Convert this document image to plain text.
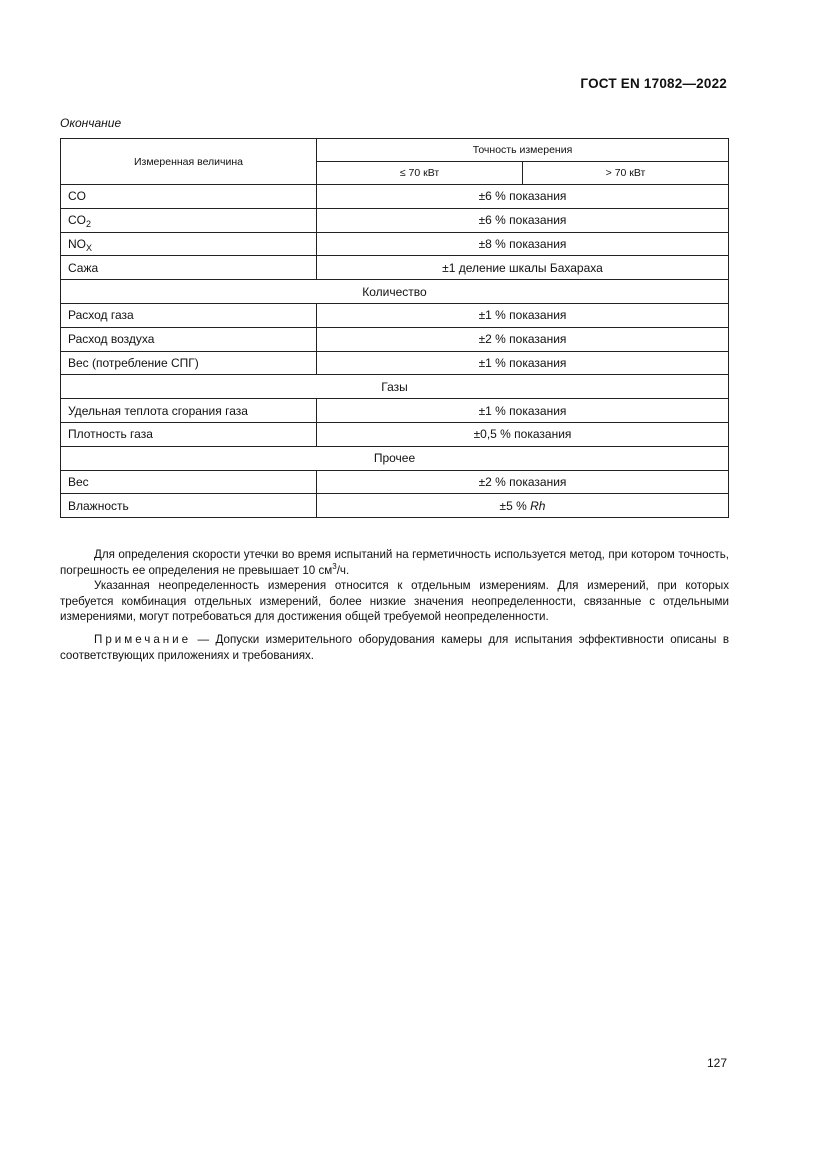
ГОСТ EN 17082—2022
Окончание
Измеренная величина	Точность измерения	
	≤ 70 кВт	> 70 кВт
CO	±6 % показания	
$CO_2$	±6 % показания	
$NO_X$	±8 % показания	
Сажа	±1 деление шкалы Бахараха	
Количество		
Расход газа	±1 % показания	
Расход воздуха	±2 % показания	
Вес (потребление СПГ)	±1 % показания	
Газы		
Удельная теплота сгорания газа	±1 % показания	
Плотность газа	±0,5 % показания	
Прочее		
Вес	±2 % показания	
Влажность	±5 % Rh	
Для определения скорости утечки во время испытаний на герметичность используется метод, при котором точность, погрешность ее определения не превышает 10 $см^3/ч$.
Указанная неопределенность измерения относится к отдельным измерениям. Для измерений, при которых требуется комбинация отдельных измерений, более низкие значения неопределенности, связанные с отдельными измерениями, могут потребоваться для достижения общей требуемой неопределенности.
Примечание — Допуски измерительного оборудования камеры для испытания эффективности описаны в соответствующих приложениях и требованиях.
127
